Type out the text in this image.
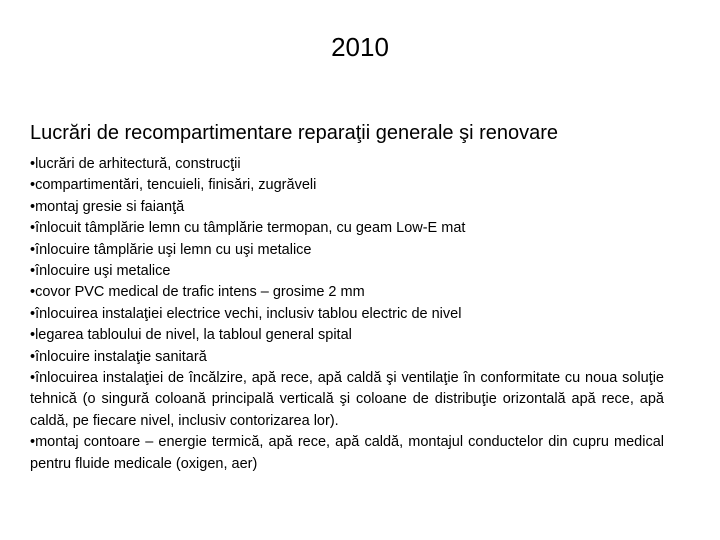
2010
Lucrări de recompartimentare reparaţii generale şi renovare
•lucrări de arhitectură, construcţii
•compartimentări, tencuieli, finisări, zugrăveli
•montaj gresie si faianţă
•înlocuit tâmplărie lemn cu tâmplărie termopan, cu geam Low-E mat
•înlocuire tâmplărie uşi lemn cu uşi metalice
•înlocuire uşi metalice
•covor PVC medical de trafic intens – grosime 2 mm
•înlocuirea instalaţiei electrice vechi, inclusiv tablou electric de nivel
•legarea tabloului de nivel, la tabloul general spital
•înlocuire instalaţie sanitară
•înlocuirea instalaţiei de încălzire, apă rece, apă caldă şi ventilaţie în conformitate cu noua soluţie tehnică (o singură coloană principală verticală şi coloane de distribuţie orizontală apă rece, apă caldă, pe fiecare nivel, inclusiv contorizarea lor).
•montaj contoare – energie termică, apă rece, apă caldă, montajul conductelor din cupru medical pentru fluide medicale (oxigen, aer)
